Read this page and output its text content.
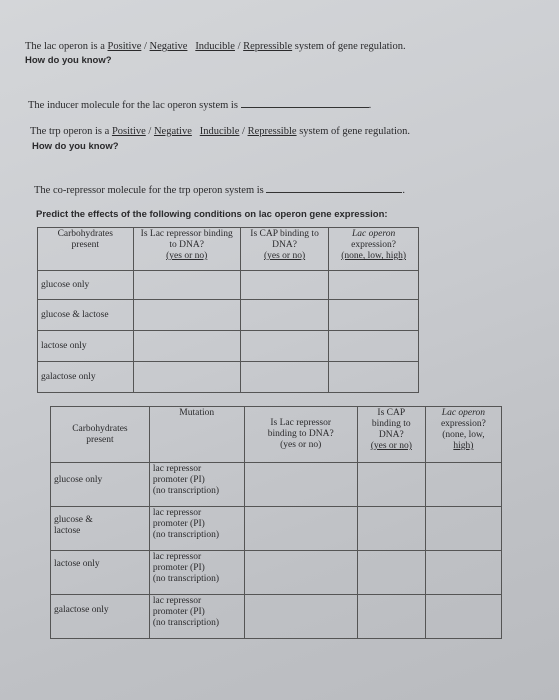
The lac operon is a Positive / Negative Inducible / Repressible system of gene regulation.
How do you know?
The inducer molecule for the lac operon system is	.
The trp operon is a Positive / Negative Inducible / Repressible system of gene regulation.
How do you know?
The co-repressor molecule for the trp operon system is	.
Predict the effects of the following conditions on lac operon gene expression:
Carbohydrates
present	Is Lac repressor binding
to DNA?
(yes or no)	Is CAP binding to
DNA?
(yes or no)	Lac operon
expression?
(none, low, high)
glucose only			
glucose & lactose			
lactose only			
galactose only			
Carbohydrates
present	Mutation	Is Lac repressor
binding to DNA?
(yes or no)	Is CAP
binding to
DNA?
(yes or no)	Lac operon
expression?
(none, low,
high)
glucose only	lac repressor
promoter (PI)
(no transcription)			
glucose &
lactose	lac repressor
promoter (PI)
(no transcription)			
lactose only	lac repressor
promoter (PI)
(no transcription)			
galactose only	lac repressor
promoter (PI)
(no transcription)			
